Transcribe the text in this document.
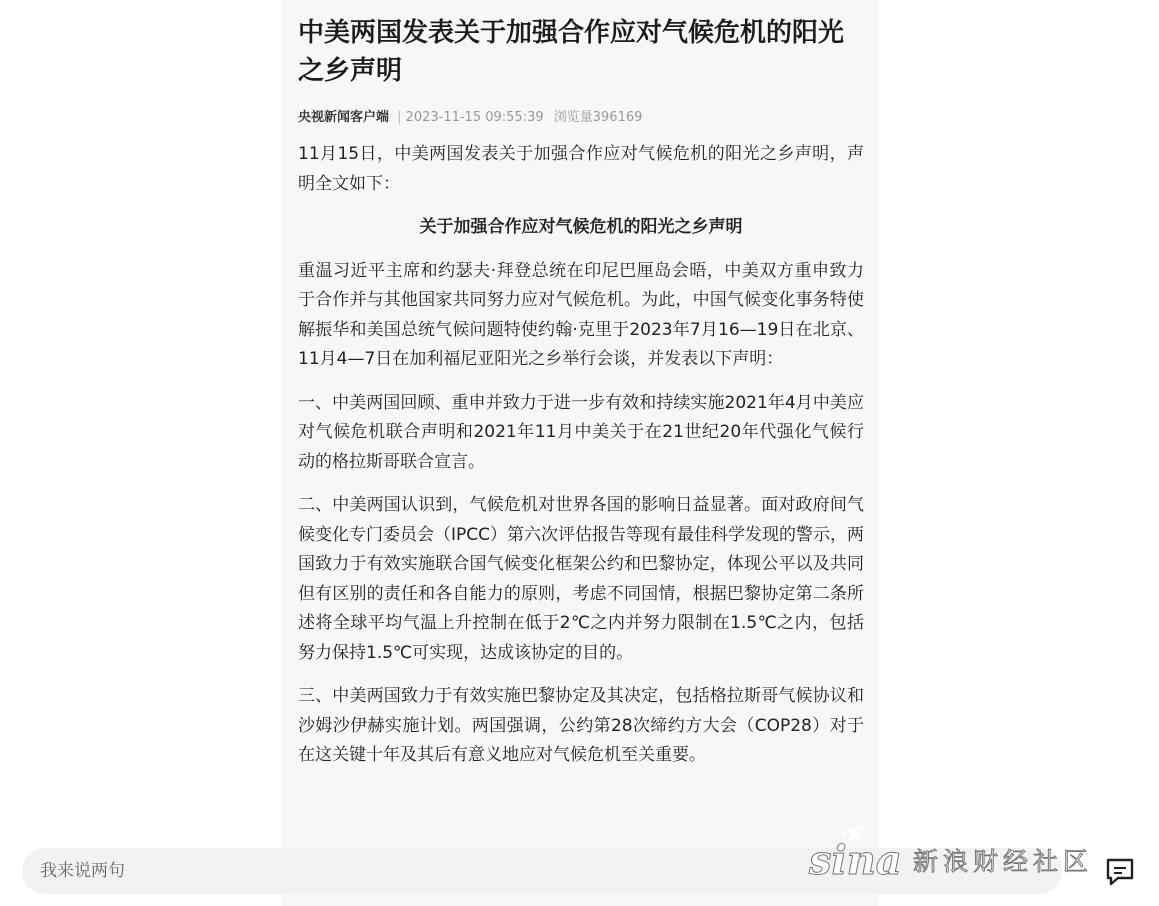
中美两国发表关于加强合作应对气候危机的阳光之乡声明
央视新闻客户端 | 2023-11-15 09:55:39 浏览量396169

11月15日，中美两国发表关于加强合作应对气候危机的阳光之乡声明，声明全文如下：

关于加强合作应对气候危机的阳光之乡声明

重温习近平主席和约瑟夫·拜登总统在印尼巴厘岛会晤，中美双方重申致力于合作并与其他国家共同努力应对气候危机。为此，中国气候变化事务特使解振华和美国总统气候问题特使约翰·克里于2023年7月16—19日在北京、11月4—7日在加利福尼亚阳光之乡举行会谈，并发表以下声明：

一、中美两国回顾、重申并致力于进一步有效和持续实施2021年4月中美应对气候危机联合声明和2021年11月中美关于在21世纪20年代强化气候行动的格拉斯哥联合宣言。

二、中美两国认识到，气候危机对世界各国的影响日益显著。面对政府间气候变化专门委员会（IPCC）第六次评估报告等现有最佳科学发现的警示，两国致力于有效实施联合国气候变化框架公约和巴黎协定，体现公平以及共同但有区别的责任和各自能力的原则，考虑不同国情，根据巴黎协定第二条所述将全球平均气温上升控制在低于2℃之内并努力限制在1.5℃之内，包括努力保持1.5℃可实现，达成该协定的目的。

三、中美两国致力于有效实施巴黎协定及其决定，包括格拉斯哥气候协议和沙姆沙伊赫实施计划。两国强调，公约第28次缔约方大会（COP28）对于在这关键十年及其后有意义地应对气候危机至关重要。

我来说两句	sina 新浪财经社区
